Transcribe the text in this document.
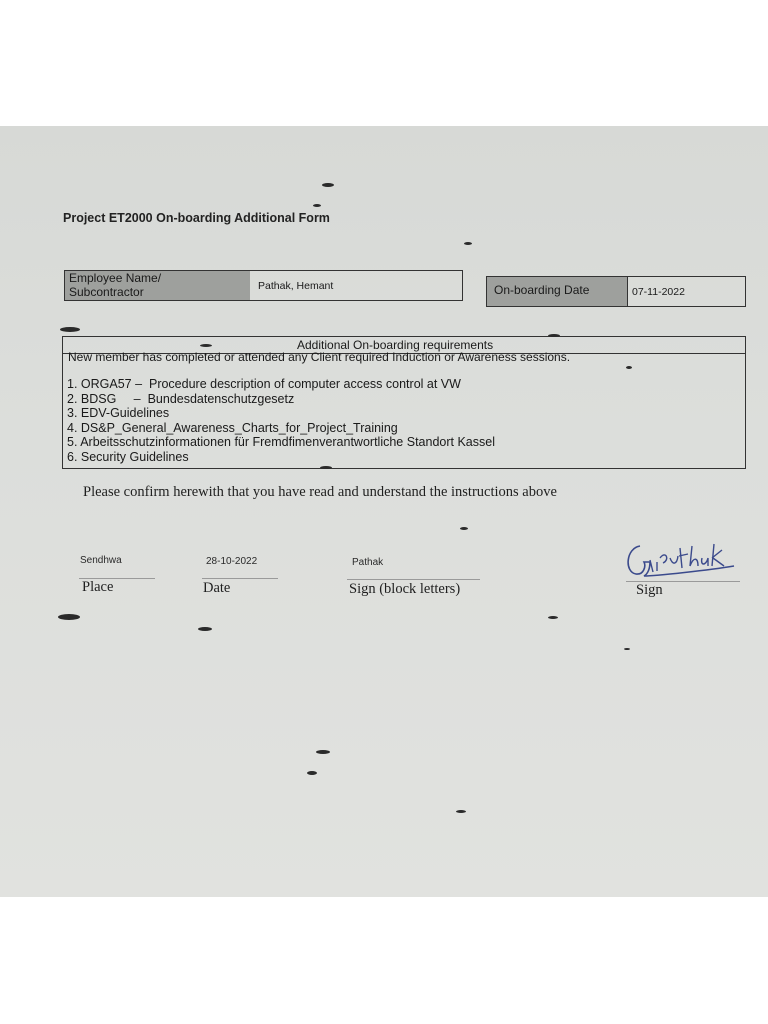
Project ET2000 On-boarding Additional Form
Employee Name/
Subcontractor	Pathak, Hemant	On-boarding Date	07-11-2022
Additional On-boarding requirements
New member has completed or attended any Client required Induction or Awareness sessions.
1. ORGA57 –  Procedure description of computer access control at VW
2. BDSG     –  Bundesdatenschutzgesetz
3. EDV-Guidelines
4. DS&P_General_Awareness_Charts_for_Project_Training
5. Arbeitsschutzinformationen für Fremdfimenverantwortliche Standort Kassel
6. Security Guidelines
Please confirm herewith that you have read and understand the instructions above
Sendhwa
Place
28-10-2022
Date
Pathak
Sign (block letters)
GnPathak
Sign
